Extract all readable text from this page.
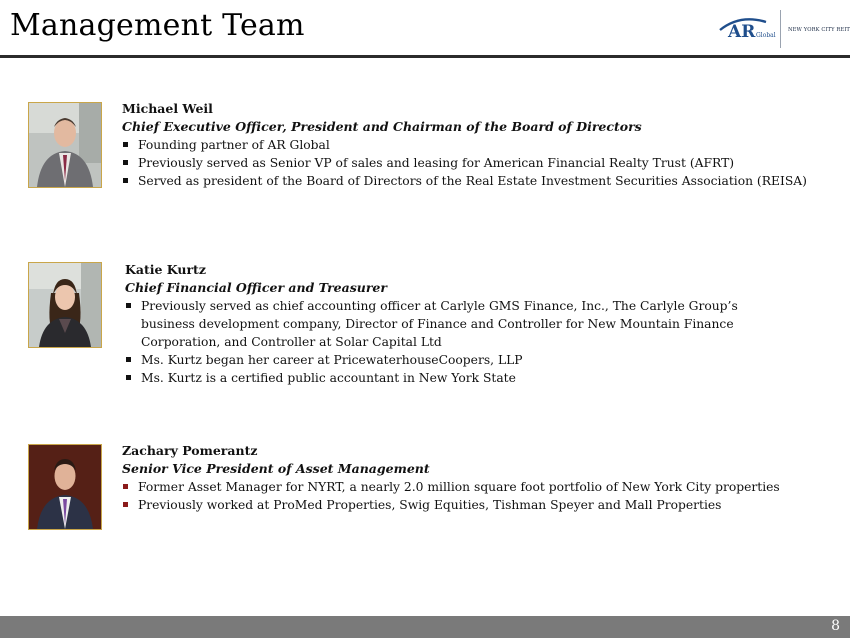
Management Team	AR Global
NEW YORK CITY REIT
Michael Weil
Chief Executive Officer, President and Chairman of the Board of Directors
Founding partner of AR Global
Previously served as Senior VP of sales and leasing for American Financial Realty Trust (AFRT)
Served as president of the Board of Directors of the Real Estate Investment Securities Association (REISA)
Katie Kurtz
Chief Financial Officer and Treasurer
Previously served as chief accounting officer at Carlyle GMS Finance, Inc., The Carlyle Group’s business development company, Director of Finance and Controller for New Mountain Finance Corporation, and Controller at Solar Capital Ltd
Ms. Kurtz began her career at PricewaterhouseCoopers, LLP
Ms. Kurtz is a certified public accountant in New York State
Zachary Pomerantz
Senior Vice President of Asset Management
Former Asset Manager for NYRT, a nearly 2.0 million square foot portfolio of New York City properties
Previously worked at ProMed Properties, Swig Equities, Tishman Speyer and Mall Properties
8
